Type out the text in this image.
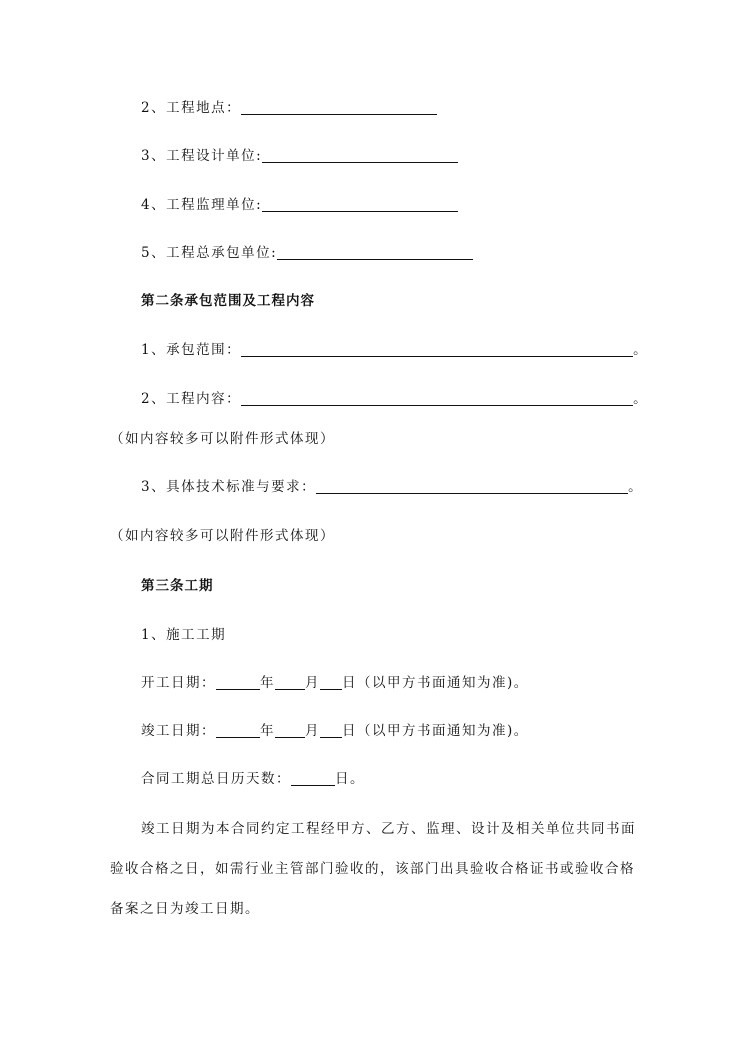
2、工程地点：
3、工程设计单位:
4、工程监理单位:
5、工程总承包单位:
第二条承包范围及工程内容
1、承包范围：	。
2、工程内容：	。
（如内容较多可以附件形式体现）
3、具体技术标准与要求：	。
（如内容较多可以附件形式体现）
第三条工期
1、施工工期
开工日期：	年 月 日（以甲方书面通知为准)。
竣工日期：	年 月 日（以甲方书面通知为准)。
合同工期总日历天数：	日。
竣工日期为本合同约定工程经甲方、乙方、监理、设计及相关单位共同书面
验收合格之日，如需行业主管部门验收的，该部门出具验收合格证书或验收合格
备案之日为竣工日期。
